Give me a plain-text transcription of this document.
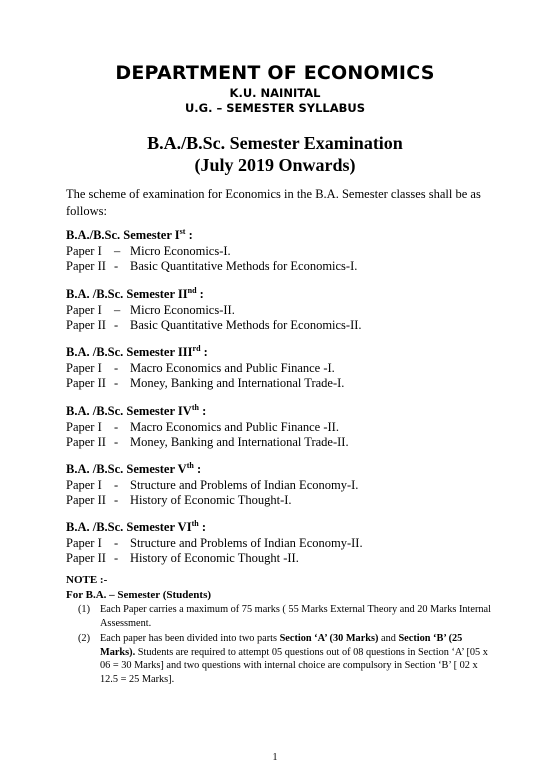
DEPARTMENT OF ECONOMICS
K.U. NAINITAL
U.G. – SEMESTER SYLLABUS
B.A./B.Sc. Semester Examination
(July 2019 Onwards)
The scheme of examination for Economics in the B.A. Semester classes shall be as follows:
B.A./B.Sc. Semester Ist :
Paper I – Micro Economics-I.
Paper II - Basic Quantitative Methods for Economics-I.
B.A. /B.Sc. Semester IInd :
Paper I – Micro Economics-II.
Paper II - Basic Quantitative Methods for Economics-II.
B.A. /B.Sc. Semester IIIrd :
Paper I - Macro Economics and Public Finance -I.
Paper II - Money, Banking and International Trade-I.
B.A. /B.Sc. Semester IVth :
Paper I - Macro Economics and Public Finance -II.
Paper II - Money, Banking and International Trade-II.
B.A. /B.Sc. Semester Vth :
Paper I - Structure and Problems of Indian Economy-I.
Paper II - History of Economic Thought-I.
B.A. /B.Sc. Semester VIth :
Paper I - Structure and Problems of Indian Economy-II.
Paper II - History of Economic Thought -II.
NOTE :-
For B.A. – Semester (Students)
(1) Each Paper carries a maximum of 75 marks ( 55 Marks External Theory and 20 Marks Internal Assessment.
(2) Each paper has been divided into two parts Section ‘A’ (30 Marks) and Section ‘B’ (25 Marks). Students are required to attempt 05 questions out of 08 questions in Section ‘A’ [05 x 06 = 30 Marks] and two questions with internal choice are compulsory in Section ‘B’ [ 02 x 12.5 = 25 Marks].
1
